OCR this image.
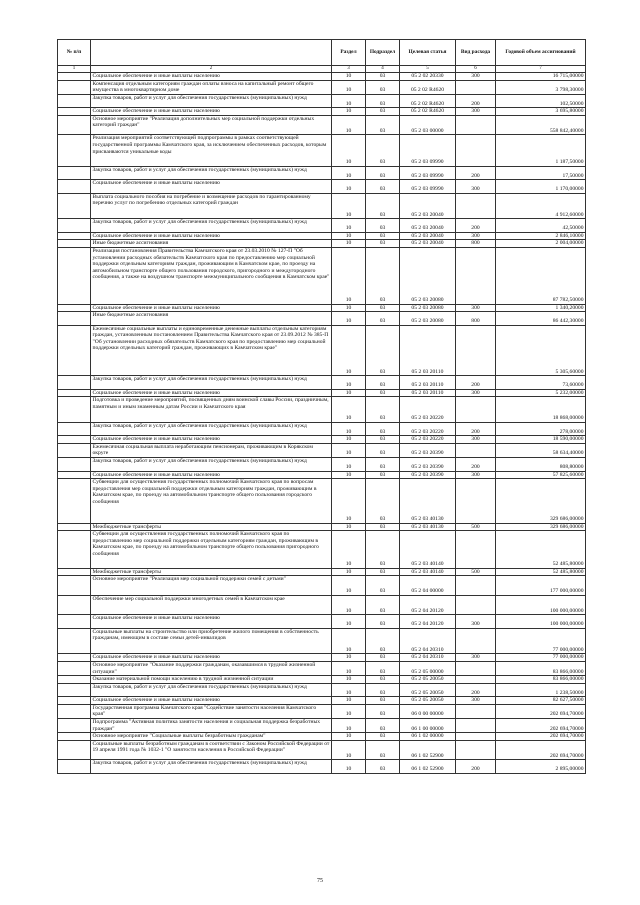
№ п/п		Раздел	Подраздел	Целевая статья	Вид расхода	Годовой объем ассигнований
1	2	3	4	5	6	7
	Социальное обеспечение и иные выплаты населению	10	03	05 2 02 20330	300	16 715,00000
	Компенсация отдельным категориям граждан оплаты взноса на капитальный ремонт общего имущества в многоквартирном доме	10	03	05 2 02 R4620		3 798,30000
	Закупка товаров, работ и услуг для обеспечения государственных (муниципальных) нужд	10	03	05 2 02 R4620	200	102,50000
	Социальное обеспечение и иные выплаты населению	10	03	05 2 02 R4620	300	3 695,80000
	Основное мероприятие "Реализация дополнительных мер социальной поддержки отдельных категорий граждан"	10	03	05 2 03 00000		558 842,40000
	Реализация мероприятий соответствующей подпрограммы в рамках соответствующей государственной программы Камчатского края, за исключением обеспеченных расходов, которым присваиваются уникальные коды	10	03	05 2 03 09990		1 187,50000
	Закупка товаров, работ и услуг для обеспечения государственных (муниципальных) нужд	10	03	05 2 03 09990	200	17,50000
	Социальное обеспечение и иные выплаты населению	10	03	05 2 03 09990	300	1 170,00000
	Выплата социального пособия на погребение и возмещение расходов по гарантированному перечню услуг по погребению отдельных категорий граждан	10	03	05 2 03 20040		4 912,60000
	Закупка товаров, работ и услуг для обеспечения государственных (муниципальных) нужд	10	03	05 2 03 20040	200	42,50000
	Социальное обеспечение и иные выплаты населению	10	03	05 2 03 20040	300	2 846,10000
	Иные бюджетные ассигнования	10	03	05 2 03 20040	800	2 004,00000
	Реализация постановления Правительства Камчатского края от 23.03.2010 № 127-П "Об установлении расходных обязательств Камчатского края по предоставлению мер социальной поддержки отдельным категориям граждан, проживающим в Камчатском крае, по проезду на автомобильном транспорте общего пользования городского, пригородного и междугородного сообщения, а также на воздушном транспорте межмуниципального сообщения в Камчатском крае"	10	03	05 2 03 20080		87 782,50000
	Социальное обеспечение и иные выплаты населению	10	03	05 2 03 20080	300	1 340,20000
	Иные бюджетные ассигнования	10	03	05 2 03 20080	800	86 442,30000
	Ежемесячные социальные выплаты и единовременные денежные выплаты отдельным категориям граждан, установленным постановлением Правительства Камчатского края от 23.09.2012 № 385-П "Об установлении расходных обязательств Камчатского края по предоставлению мер социальной поддержки отдельных категорий граждан, проживающих в Камчатском крае"	10	03	05 2 03 20110		5 305,60000
	Закупка товаров, работ и услуг для обеспечения государственных (муниципальных) нужд	10	03	05 2 03 20110	200	73,60000
	Социальное обеспечение и иные выплаты населению	10	03	05 2 03 20110	300	5 232,00000
	Подготовка и проведение мероприятий, посвященных дням воинской славы России, праздничным, памятным и иным знаменным датам России и Камчатского края	10	03	05 2 03 20220		18 868,00000
	Закупка товаров, работ и услуг для обеспечения государственных (муниципальных) нужд	10	03	05 2 03 20220	200	278,00000
	Социальное обеспечение и иные выплаты населению	10	03	05 2 03 20220	300	18 590,00000
	Ежемесячная социальная выплата неработающим пенсионерам, проживающим в Корякском округе	10	03	05 2 03 20390		58 634,40000
	Закупка товаров, работ и услуг для обеспечения государственных (муниципальных) нужд	10	03	05 2 03 20390	200	808,80000
	Социальное обеспечение и иные выплаты населению	10	03	05 2 03 20390	300	57 825,60000
	Субвенции для осуществления государственных полномочий Камчатского края по вопросам предоставления мер социальной поддержки отдельным категориям граждан, проживающим в Камчатском крае, по проезду на автомобильном транспорте общего пользования городского сообщения	10	03	05 2 03 40130		329 686,00000
	Межбюджетные трансферты	10	03	05 2 03 40130	500	329 686,00000
	Субвенции для осуществления государственных полномочий Камчатского края по предоставлению мер социальной поддержки отдельным категориям граждан, проживающим в Камчатском крае, по проезду на автомобильном транспорте общего пользования пригородного сообщения	10	03	05 2 03 40140		52 485,80000
	Межбюджетные трансферты	10	03	05 2 03 40140	500	52 485,80000
	Основное мероприятие "Реализация мер социальной поддержки семей с детьми"	10	03	05 2 04 00000		177 000,00000
	Обеспечение мер социальной поддержки многодетных семей в Камчатском крае	10	03	05 2 04 20120		100 000,00000
	Социальное обеспечение и иные выплаты населению	10	03	05 2 04 20120	300	100 000,00000
	Социальные выплаты на строительство или приобретение жилого помещения в собственность гражданам, имеющим в составе семьи детей-инвалидов	10	03	05 2 04 20310		77 000,00000
	Социальное обеспечение и иные выплаты населению	10	03	05 2 04 20310	300	77 000,00000
	Основное мероприятие "Оказание поддержки гражданам, оказавшимся в трудной жизненной ситуации"	10	03	05 2 05 00000		83 866,00000
	Оказание материальной помощи населению в трудной жизненной ситуации	10	03	05 2 05 20050		83 866,00000
	Закупка товаров, работ и услуг для обеспечения государственных (муниципальных) нужд	10	03	05 2 05 20050	200	1 238,50000
	Социальное обеспечение и иные выплаты населению	10	03	05 2 05 20050	300	82 627,50000
	Государственная программа Камчатского края "Содействие занятости населения Камчатского края"	10	03	06 0 00 00000		202 694,70000
	Подпрограмма "Активная политика занятости населения и социальная поддержка безработных граждан"	10	03	06 1 00 00000		202 694,70000
	Основное мероприятие "Социальные выплаты безработным гражданам"	10	03	06 1 02 00000		202 694,70000
	Социальные выплаты безработным гражданам в соответствии с Законом Российской Федерации от 19 апреля 1991 года № 1032-1 "О занятости населения в Российской Федерации"	10	03	06 1 02 52900		202 694,70000
	Закупка товаров, работ и услуг для обеспечения государственных (муниципальных) нужд	10	03	06 1 02 52900	200	2 895,00000
75
